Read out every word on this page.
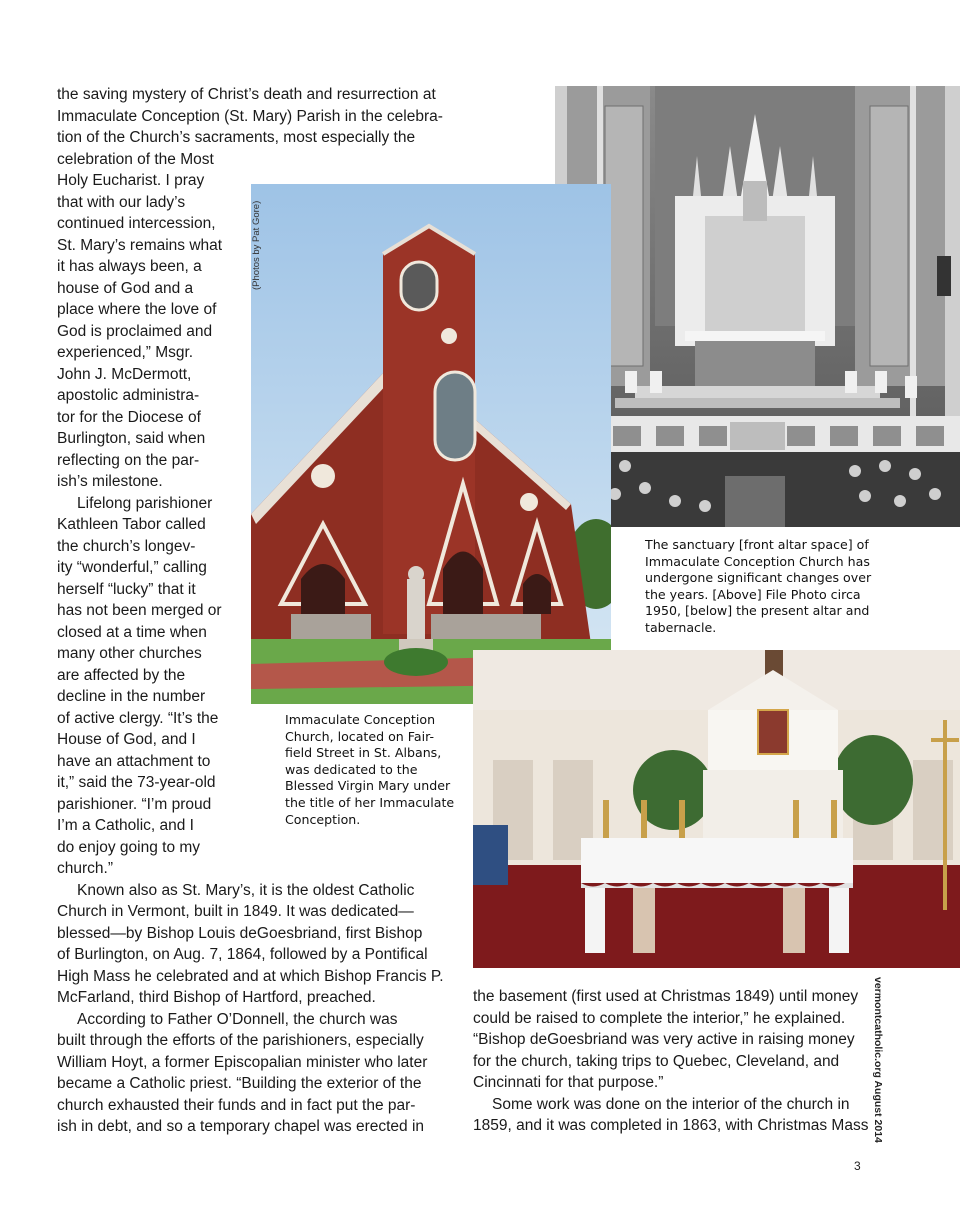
the saving mystery of Christ’s death and resurrection at

Immaculate Conception (St. Mary) Parish in the celebra-

tion of the Church’s sacraments, most especially the

celebration of the Most

Holy Eucharist. I pray

that with our lady’s

continued intercession,

St. Mary’s remains what

it has always been, a

house of God and a

place where the love of

God is proclaimed and

experienced,” Msgr.

John J. McDermott,

apostolic administra-

tor for the Diocese of

Burlington, said when

reflecting on the par-

ish’s milestone.

Lifelong parishioner

Kathleen Tabor called

the church’s longev-

ity “wonderful,” calling

herself “lucky” that it

has not been merged or

closed at a time when

many other churches

are affected by the

decline in the number

of active clergy. “It’s the

House of God, and I

have an attachment to

it,” said the 73-year-old

parishioner. “I’m proud

I’m a Catholic, and I

do enjoy going to my

church.”

Known also as St. Mary’s, it is the oldest Catholic

Church in Vermont, built in 1849. It was dedicated—

blessed—by Bishop Louis deGoesbriand, first Bishop

of Burlington, on Aug. 7, 1864, followed by a Pontifical

High Mass he celebrated and at which Bishop Francis P.

McFarland, third Bishop of Hartford, preached.

According to Father O’Donnell, the church was

built through the efforts of the parishioners, especially

William Hoyt, a former Episcopalian minister who later

became a Catholic priest. “Building the exterior of the

church exhausted their funds and in fact put the par-

ish in debt, and so a temporary chapel was erected in

the basement (first used at Christmas 1849) until money

could be raised to complete the interior,” he explained.

“Bishop deGoesbriand was very active in raising money

for the church, taking trips to Quebec, Cleveland, and

Cincinnati for that purpose.”

Some work was done on the interior of the church in

1859, and it was completed in 1863, with Christmas Mass

(Photos by Pat Gore)
Immaculate Conception
Church, located on Fair-
field Street in St. Albans,
was dedicated to the
Blessed Virgin Mary under
the title of her Immaculate
Conception.
The sanctuary [front altar space] of
Immaculate Conception Church has
undergone significant changes over
the years. [Above] File Photo circa
1950, [below] the present altar and
tabernacle.
vermontcatholic.org August 2014
3
